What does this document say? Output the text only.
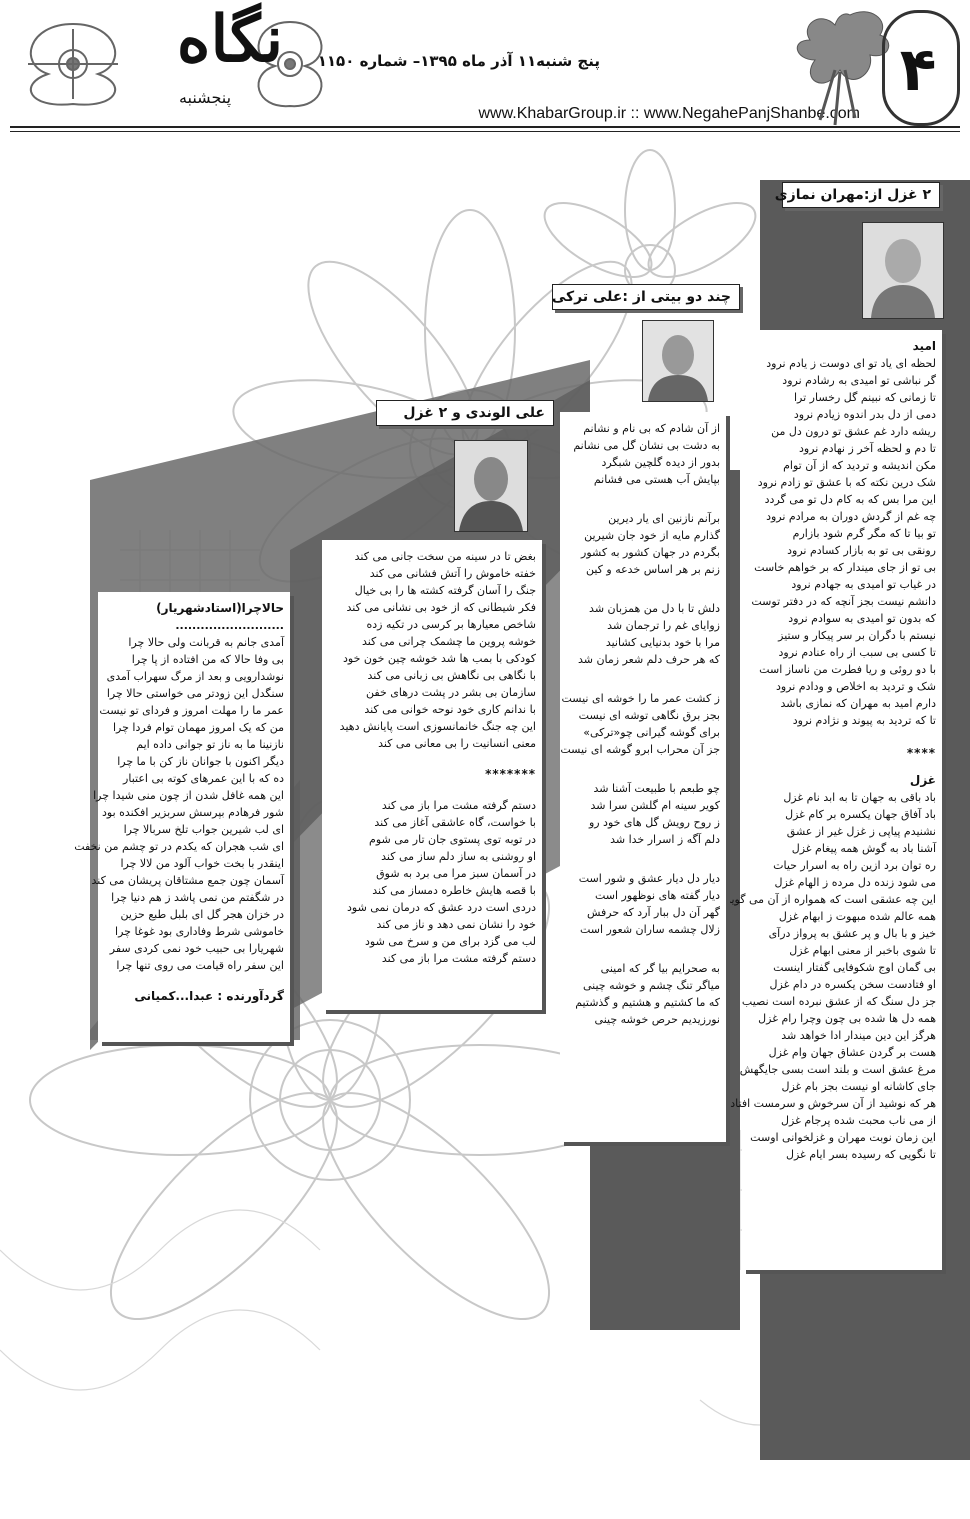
نگاه
پنجشنبه
پنج شنبه۱۱ آذر ماه ۱۳۹۵– شماره ۱۱۵۰
www.KhabarGroup.ir :: www.NegahePanjShanbe.com
۴
۲ غزل از:مهران نمازی
امید
لحظه ای یاد تو ای دوست ز یادم نرود
گر نباشی تو امیدی به رشادم نرود
تا زمانی که نبینم گل رخسار ترا
دمی از دل بدر اندوه زیادم نرود
ریشه دارد غم عشق تو درون دل من
تا دم و لحظه آخر ز نهادم نرود
مکن اندیشه و تردید که از آن توام
شک درین نکته که با عشق تو زادم نرود
این مرا بس که به کام دل تو می گردد
چه غم از گردش دوران به مرادم نرود
تو بیا تا که مگر گرم شود بازارم
رونقی بی تو به بازار کسادم نرود
بی تو از جای میندار که بر خواهم خاست
در غیاب تو امیدی به جهادم نرود
دانشم نیست بجز آنچه که در دفتر توست
که بدون تو امیدی به سوادم نرود
نیستم با دگران بر سر پیکار و ستیز
تا کسی بی سبب از راه عنادم نرود
با دو روئی و ریا فطرت من ناساز است
شک و تردید به اخلاص و ودادم نرود
دارم امید به مهران که نمازی باشد
تا که تردید به پیوند و نژادم نرود
****
غزل
باد باقی به جهان تا به ابد نام غزل
باد آفاق جهان یکسره بر کام غزل
نشنیدم پیاپی ز غزل غیر از عشق
آشنا باد به گوش همه پیغام غزل
ره توان برد ازین راه به اسرار حیات
می شود زنده دل مرده ز الهام غزل
این چه عشقی است که همواره از آن می گوید
همه عالم شده مبهوت ز ابهام غزل
خیز و با بال و پر عشق به پرواز درآی
تا شوی باخبر از معنی ابهام غزل
بی گمان اوج شکوفایی گفتار اینست
او فتادست سخن یکسره در دام غزل
جز دل سنگ که از عشق نبرده است نصیب
همه دل ها شده بی چون وچرا رام غزل
هرگز این دین میندار ادا خواهد شد
هست بر گردن عشاق جهان وام غزل
مرغ عشق است و بلند است بسی جایگهش
جای کاشانه او نیست بجز بام غزل
هر که نوشید از آن سرخوش و سرمست افتاد
از می ناب محبت شده پرجام غزل
این زمان نوبت مهران و غزلخوانی اوست
تا نگویی که رسیده بسر ایام غزل
چند دو بیتی از :علی ترکی
از آن شادم که بی نام و نشانم
به دشت بی نشان گل می نشانم
بدور از دیده گلچین شبگرد
بپایش آب هستی می فشانم
برآنم نازنین ای یار دیرین
گذارم مایه از خود جان شیرین
بگردم در جهان کشور به کشور
زنم بر هر اساس خدعه و کین
دلش تا با دل من همزبان شد
زوایای غم را ترجمان شد
مرا با خود بدنیایی کشانید
که هر حرف دلم شعر زمان شد
ز کشت عمر ما را خوشه ای نیست
بجز برق نگاهی توشه ای نیست
برای گوشه گیرانی چو«ترکی»
جز آن محراب ابرو گوشه ای نیست
چو طبعم با طبیعت آشنا شد
کویر سینه ام گلشن سرا شد
ز روح رویش گل های خود رو
دلم آگه ز اسرار خدا شد
دیار دل دیار عشق و شور است
دیار گفته های نوظهور است
گهر آن دل ببار آرد که حرفش
زلال چشمه ساران شعور است
به صحرایم بیا گر که امینی
میاگر تنگ چشم و خوشه چینی
که ما کشتیم و هشتیم و گذشتیم
نورزیدیم حرص خوشه چینی
علی الوندی و ۲ غزل
بغض تا در سینه من سخت جانی می کند
خفته خاموش را آتش فشانی می کند
جنگ را آسان گرفته کشته ها را بی خیال
فکر شیطانی که از خود بی نشانی می کند
شاخص معیارها بر کرسی در تکیه زده
خوشه پروین ما چشمک چرانی می کند
کودکی با بمب ها شد خوشه چین خون خود
با نگاهی بی نگاهش بی زبانی می کند
سازمان بی بشر در پشت درهای خفن
با ندانم کاری خود نوحه خوانی می کند
این چه جنگ خانمانسوزی است پایانش دهید
معنی انسانیت را بی معانی می کند
*******
دستم گرفته مشت مرا باز می کند
با خواست، گاه عاشقی آغاز می کند
در توبه توی پستوی جان تار می شوم
او روشنی به ساز دلم ساز می کند
در آسمان سبز مرا می برد به شوق
با قصه هایش خاطره دمساز می کند
دردی است درد عشق که درمان نمی شود
خود را نشان نمی دهد و ناز می کند
لب می گزد برای من و سرخ می شود
دستم گرفته مشت مرا باز می کند
حالاچرا(استادشهریار)
..........................
آمدی جانم به قربانت ولی حالا چرا
بی وفا حالا که من افتاده از پا چرا
نوشدارویی و بعد از مرگ سهراب آمدی
سنگدل این زودتر می خواستی حالا چرا
عمر ما را مهلت امروز و فردای تو نیست
من که یک امروز مهمان توام فردا چرا
نازنینا ما به ناز تو جوانی داده ایم
دیگر اکنون با جوانان ناز کن با ما چرا
ده که با این عمرهای کوته بی اعتبار
این همه غافل شدن از چون منی شیدا چرا
شور فرهادم بپرسش سربزیر افکنده بود
ای لب شیرین جواب تلخ سربالا چرا
ای شب هجران که یکدم در تو چشم من نخفت
اینقدر با بخت خواب آلود من لالا چرا
آسمان چون جمع مشتاقان پریشان می کند
در شگفتم من نمی پاشد ز هم دنیا چرا
در خزان هجر گل ای بلبل طبع حزین
خاموشی شرط وفاداری بود غوغا چرا
شهریارا بی حبیب خود نمی کردی سفر
این سفر راه قیامت می روی تنها چرا
گردآورنده : عبدا...کمیانی
